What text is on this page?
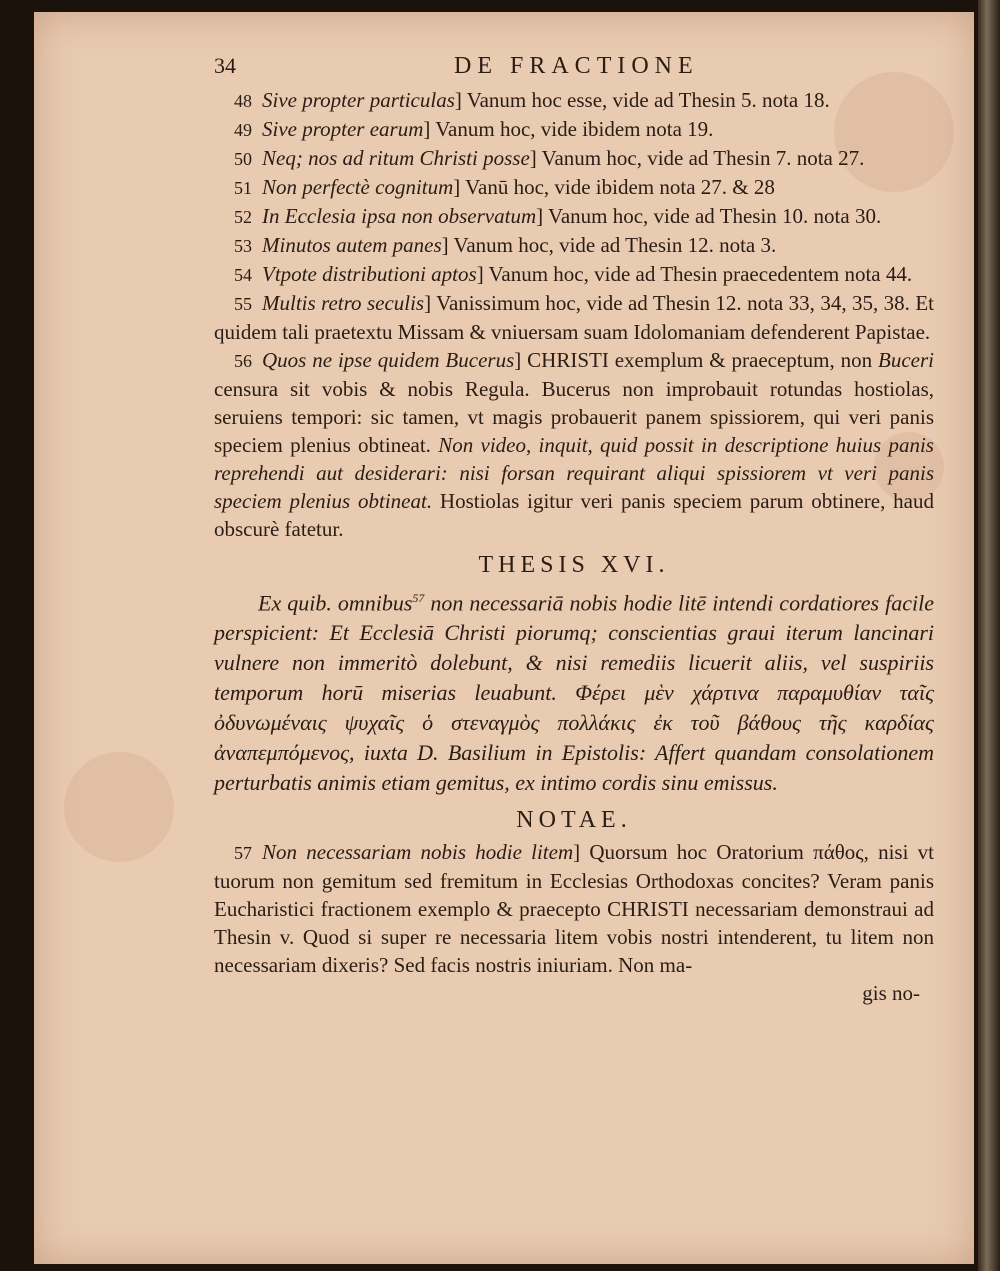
34	DE FRACTIONE

48 Sive propter particulas] Vanum hoc esse, vide ad Thesin 5. nota 18.

49 Sive propter earum] Vanum hoc, vide ibidem nota 19.

50 Neq; nos ad ritum Christi posse] Vanum hoc, vide ad Thesin 7. nota 27.

51 Non perfectè cognitum] Vanū hoc, vide ibidem nota 27. & 28

52 In Ecclesia ipsa non observatum] Vanum hoc, vide ad Thesin 10. nota 30.

53 Minutos autem panes] Vanum hoc, vide ad Thesin 12. nota 3.

54 Vtpote distributioni aptos] Vanum hoc, vide ad Thesin praecedentem nota 44.

55 Multis retro seculis] Vanissimum hoc, vide ad Thesin 12. nota 33, 34, 35, 38. Et quidem tali praetextu Missam & vniuersam suam Idolomaniam defenderent Papistae.

56 Quos ne ipse quidem Bucerus] CHRISTI exemplum & praeceptum, non Buceri censura sit vobis & nobis Regula. Bucerus non improbauit rotundas hostiolas, seruiens tempori: sic tamen, vt magis probauerit panem spissiorem, qui veri panis speciem plenius obtineat. Non video, inquit, quid possit in descriptione huius panis reprehendi aut desiderari: nisi forsan requirant aliqui spissiorem vt veri panis speciem plenius obtineat. Hostiolas igitur veri panis speciem parum obtinere, haud obscurè fatetur.

THESIS XVI.

Ex quib. omnibus$^{57}$ non necessariā nobis hodie litē intendi cordatiores facile perspicient: Et Ecclesiā Christi piorumq; conscientias graui iterum lancinari vulnere non immeritò dolebunt, & nisi remediis licuerit aliis, vel suspiriis temporum horū miserias leuabunt. Φέρει μὲν χάρτινα παραμυθίαν ταῖς ὀδυνωμέναις ψυχαῖς ὁ στεναγμὸς πολλάκις ἐκ τοῦ βάθους τῆς καρδίας ἀναπεμπόμενος, iuxta D. Basilium in Epistolis: Affert quandam consolationem perturbatis animis etiam gemitus, ex intimo cordis sinu emissus.

NOTAE.

57 Non necessariam nobis hodie litem] Quorsum hoc Oratorium πάθος, nisi vt tuorum non gemitum sed fremitum in Ecclesias Orthodoxas concites? Veram panis Eucharistici fractionem exemplo & praecepto CHRISTI necessariam demonstraui ad Thesin v. Quod si super re necessaria litem vobis nostri intenderent, tu litem non necessariam dixeris? Sed facis nostris iniuriam. Non ma-

gis no-
